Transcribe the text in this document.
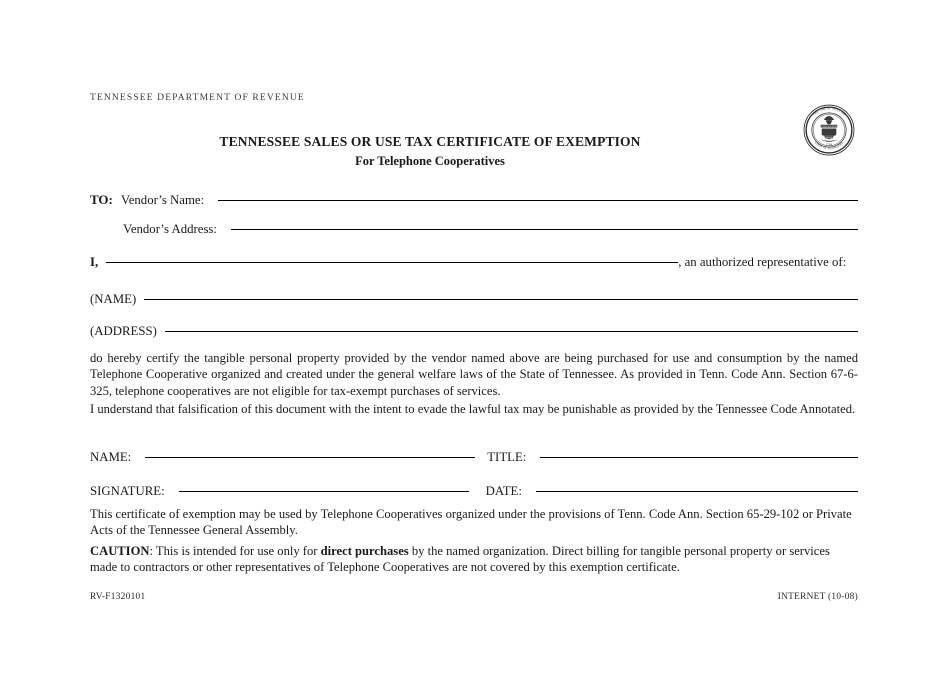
TENNESSEE DEPARTMENT OF REVENUE
THE GREAT SEAL OF
STATE OF TENNESSEE
AGRICULTURE
COMMERCE
1796
TENNESSEE SALES OR USE TAX CERTIFICATE OF EXEMPTION
For Telephone Cooperatives
TO: Vendor’s Name:
Vendor’s Address:
I,	, an authorized representative of:
(NAME)
(ADDRESS)
do hereby certify the tangible personal property provided by the vendor named above are being purchased for use and consumption by the named Telephone Cooperative organized and created under the general welfare laws of the State of Tennessee. As provided in Tenn. Code Ann. Section 67-6-325, telephone cooperatives are not eligible for tax-exempt purchases of services.
I understand that falsification of this document with the intent to evade the lawful tax may be punishable as provided by the Tennessee Code Annotated.
NAME:	TITLE:
SIGNATURE:	DATE:
This certificate of exemption may be used by Telephone Cooperatives organized under the provisions of Tenn. Code Ann. Section 65-29-102 or Private Acts of the Tennessee General Assembly.
CAUTION: This is intended for use only for direct purchases by the named organization. Direct billing for tangible personal property or services made to contractors or other representatives of Telephone Cooperatives are not covered by this exemption certificate.
RV-F1320101	INTERNET (10-08)
